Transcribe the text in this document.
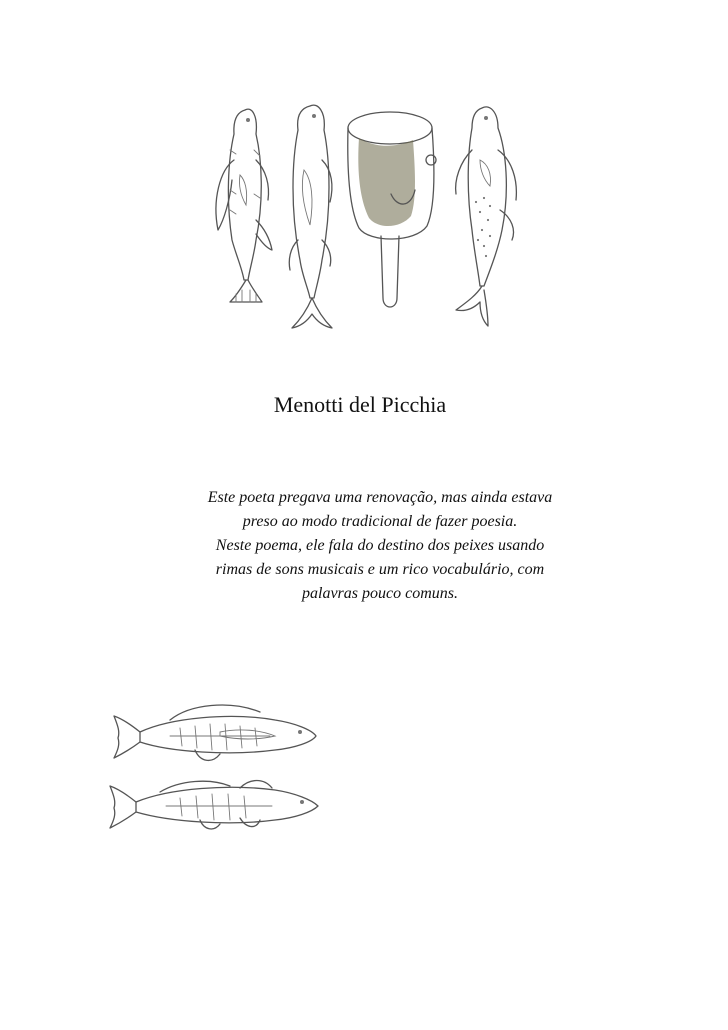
Menotti del Picchia

Este poeta pregava uma renovação, mas ainda estava

preso ao modo tradicional de fazer poesia.

Neste poema, ele fala do destino dos peixes usando

rimas de sons musicais e um rico vocabulário, com

palavras pouco comuns.
